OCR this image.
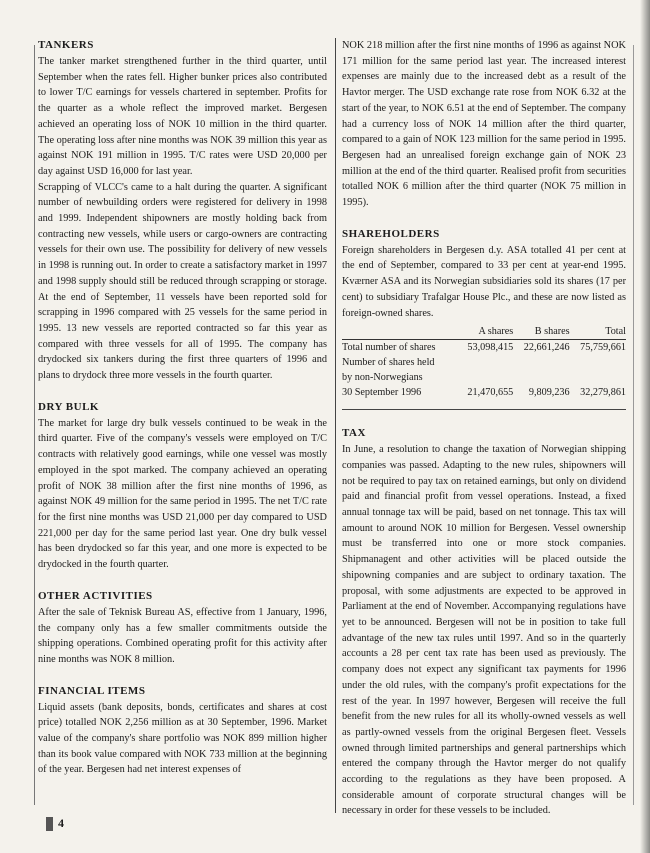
TANKERS

The tanker market strengthened further in the third quarter, until September when the rates fell. Higher bunker prices also contributed to lower T/C earnings for vessels chartered in september. Profits for the quarter as a whole reflect the improved market. Bergesen achieved an operating loss of NOK 10 million in the third quarter. The operating loss after nine months was NOK 39 million this year as against NOK 191 million in 1995. T/C rates were USD 20,000 per day against USD 16,000 for last year.

Scrapping of VLCC's came to a halt during the quarter. A significant number of newbuilding orders were registered for delivery in 1998 and 1999. Independent shipowners are mostly holding back from contracting new vessels, while users or cargo-owners are contracting vessels for their own use. The possibility for delivery of new vessels in 1998 is running out. In order to create a satisfactory market in 1997 and 1998 supply should still be reduced through scrapping or storage. At the end of September, 11 vessels have been reported sold for scrapping in 1996 compared with 25 vessels for the same period in 1995. 13 new vessels are reported contracted so far this year as compared with three vessels for all of 1995. The company has drydocked six tankers during the first three quarters of 1996 and plans to drydock three more vessels in the fourth quarter.

DRY BULK

The market for large dry bulk vessels continued to be weak in the third quarter. Five of the company's vessels were employed on T/C contracts with relatively good earnings, while one vessel was mostly employed in the spot marked. The company achieved an operating profit of NOK 38 million after the first nine months of 1996, as against NOK 49 million for the same period in 1995. The net T/C rate for the first nine months was USD 21,000 per day compared to USD 221,000 per day for the same period last year. One dry bulk vessel has been drydocked so far this year, and one more is expected to be drydocked in the fourth quarter.

OTHER ACTIVITIES

After the sale of Teknisk Bureau AS, effective from 1 January, 1996, the company only has a few smaller commitments outside the shipping operations. Combined operating profit for this activity after nine months was NOK 8 million.

FINANCIAL ITEMS

Liquid assets (bank deposits, bonds, certificates and shares at cost price) totalled NOK 2,256 million as at 30 September, 1996. Market value of the company's share portfolio was NOK 899 million higher than its book value compared with NOK 733 million at the beginning of the year. Bergesen had net interest expenses of

NOK 218 million after the first nine months of 1996 as against NOK 171 million for the same period last year. The increased interest expenses are mainly due to the increased debt as a result of the Havtor merger. The USD exchange rate rose from NOK 6.32 at the start of the year, to NOK 6.51 at the end of September. The company had a currency loss of NOK 14 million after the third quarter, compared to a gain of NOK 123 million for the same period in 1995. Bergesen had an unrealised foreign exchange gain of NOK 23 million at the end of the third quarter. Realised profit from securities totalled NOK 6 million after the third quarter (NOK 75 million in 1995).

SHAREHOLDERS

Foreign shareholders in Bergesen d.y. ASA totalled 41 per cent at the end of September, compared to 33 per cent at year-end 1995. Kværner ASA and its Norwegian subsidiaries sold its shares (17 per cent) to subsidiary Trafalgar House Plc., and these are now listed as foreign-owned shares.

	A shares	B shares	Total
Total number of shares	53,098,415	22,661,246	75,759,661
Number of shares held			
by non-Norwegians			
30 September 1996	21,470,655	9,809,236	32,279,861
TAX

In June, a resolution to change the taxation of Norwegian shipping companies was passed. Adapting to the new rules, shipowners will not be required to pay tax on retained earnings, but only on dividend paid and financial profit from vessel operations. Instead, a fixed annual tonnage tax will be paid, based on net tonnage. This tax will amount to around NOK 10 million for Bergesen. Vessel ownership must be transferred into one or more stock companies. Shipmanagent and other activities will be placed outside the shipowning companies and are subject to ordinary taxation. The proposal, with some adjustments are expected to be approved in Parliament at the end of November. Accompanying regulations have yet to be announced. Bergesen will not be in position to take full advantage of the new tax rules until 1997. And so in the quarterly accounts a 28 per cent tax rate has been used as previously. The company does not expect any significant tax payments for 1996 under the old rules, with the company's profit expectations for the rest of the year. In 1997 however, Bergesen will receive the full benefit from the new rules for all its wholly-owned vessels as well as partly-owned vessels from the original Bergesen fleet. Vessels owned through limited partnerships and general partnerships which entered the company through the Havtor merger do not qualify according to the regulations as they have been proposed. A considerable amount of corporate structural changes will be necessary in order for these vessels to be included.

4
